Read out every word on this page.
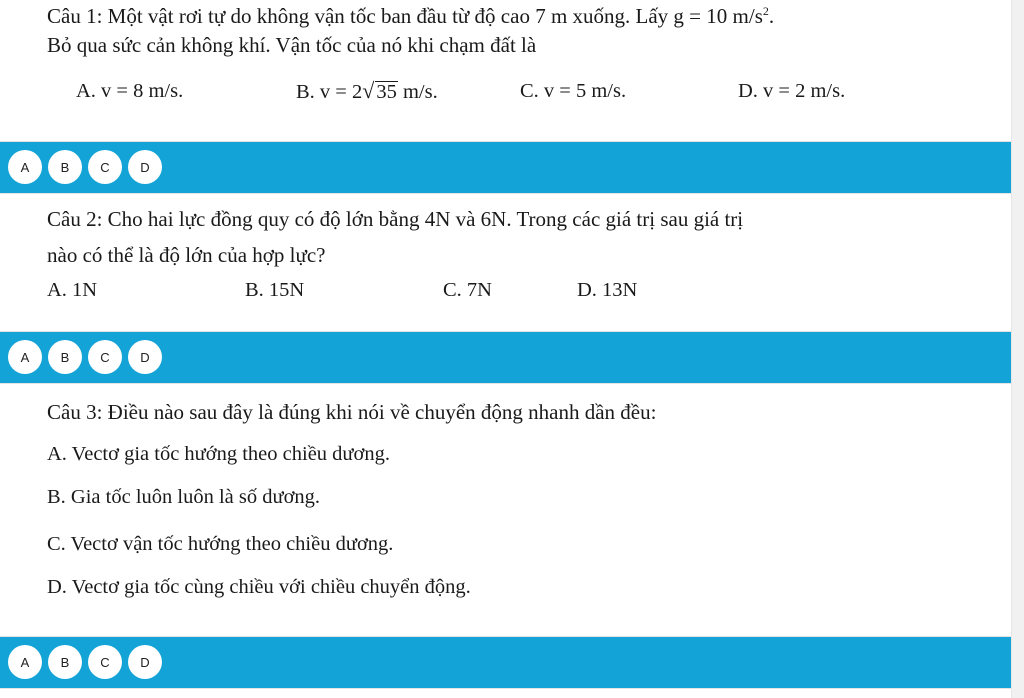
Câu 1: Một vật rơi tự do không vận tốc ban đầu từ độ cao 7 m xuống. Lấy g = 10 $m/s^2$.
Bỏ qua sức cản không khí. Vận tốc của nó khi chạm đất là
A. v = 8 m/s.	B. v = 2√35 m/s.	C. v = 5 m/s.	D. v = 2 m/s.
A	B	C	D
Câu 2: Cho hai lực đồng quy có độ lớn bằng 4N và 6N. Trong các giá trị sau giá trị
nào có thể là độ lớn của hợp lực?
A. 1N	B. 15N	C. 7N	D. 13N
A	B	C	D
Câu 3: Điều nào sau đây là đúng khi nói về chuyển động nhanh dần đều:
A. Vectơ gia tốc hướng theo chiều dương.
B. Gia tốc luôn luôn là số dương.
C. Vectơ vận tốc hướng theo chiều dương.
D. Vectơ gia tốc cùng chiều với chiều chuyển động.
A	B	C	D
